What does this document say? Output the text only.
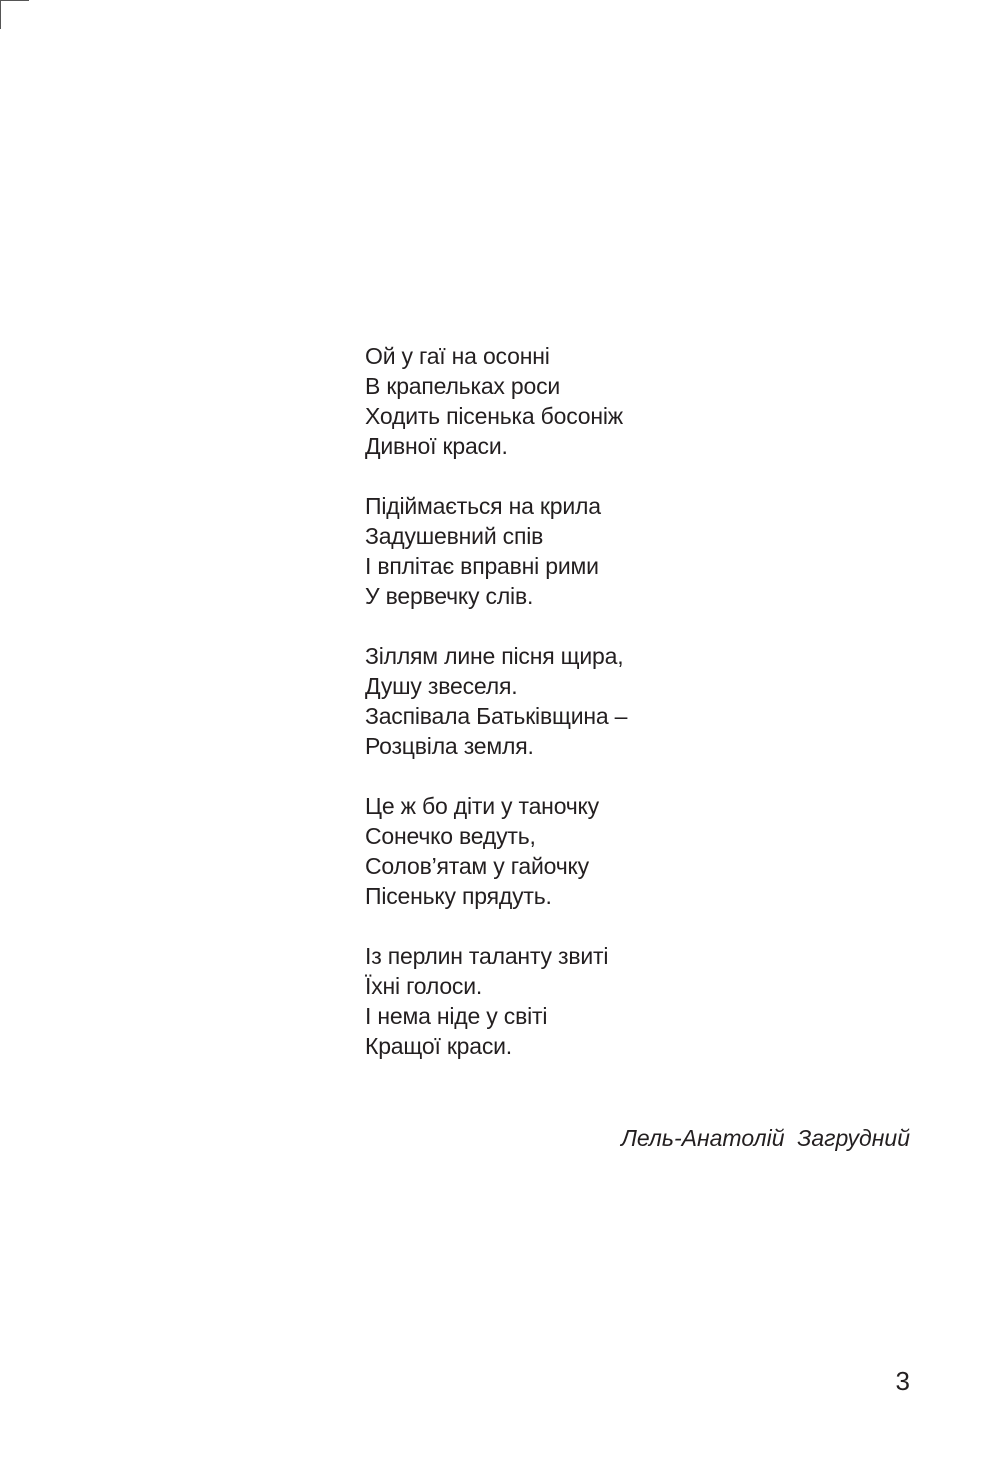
Ой у гаї на осонні
В крапельках роси
Ходить пісенька босоніж
Дивної краси.
Підіймається на крила
Задушевний спів
І вплітає вправні рими
У вервечку слів.
Зіллям лине пісня щира,
Душу звеселя.
Заспівала Батьківщина –
Розцвіла земля.
Це ж бо діти у таночку
Сонечко ведуть,
Солов’ятам у гайочку
Пісеньку прядуть.
Із перлин таланту звиті
Їхні голоси.
І нема ніде у світі
Кращої краси.
Лель-Анатолій  Загрудний
3
